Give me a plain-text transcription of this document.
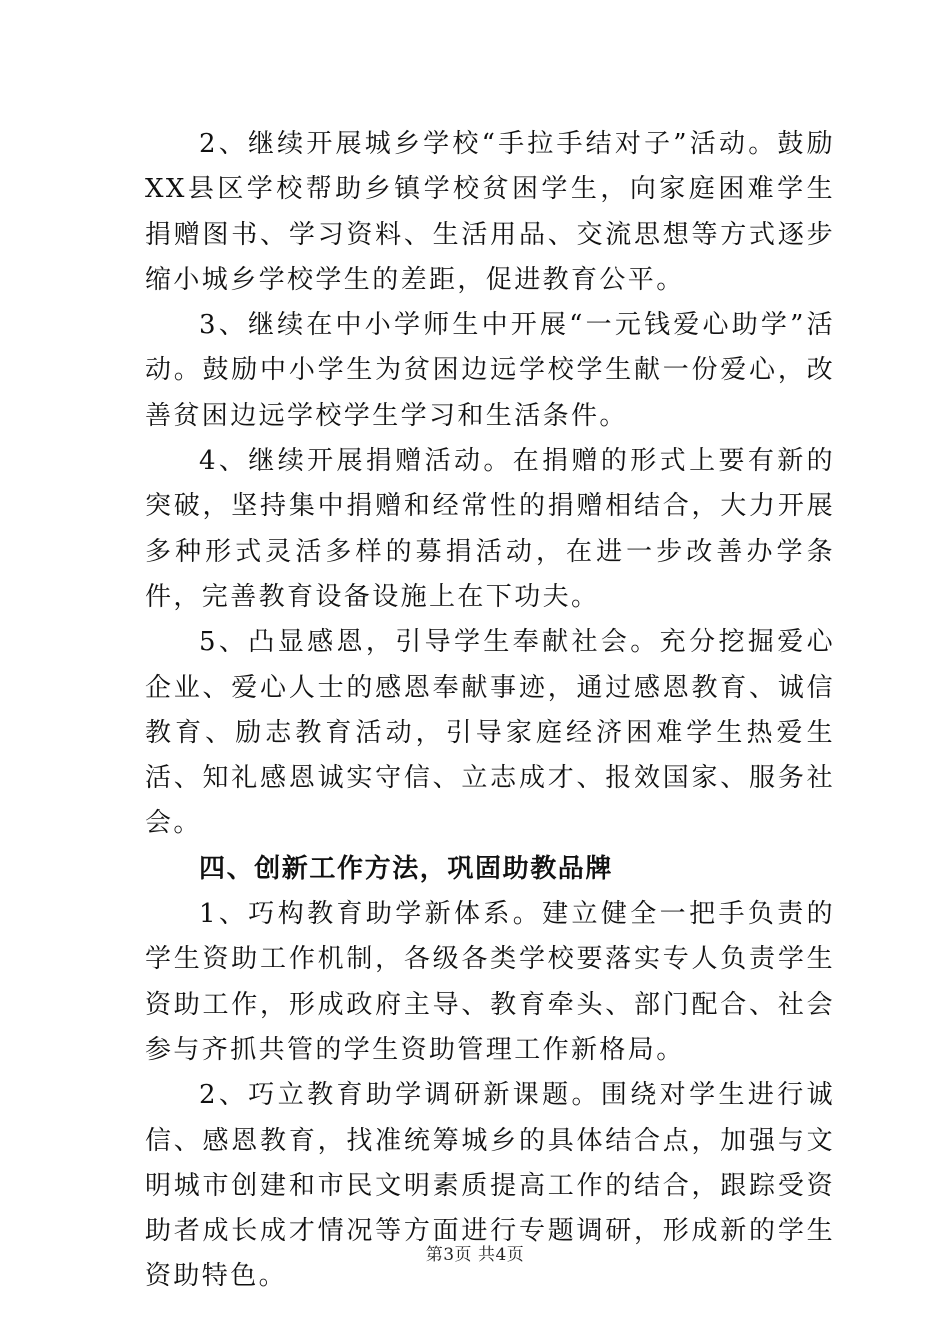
2、继续开展城乡学校“手拉手结对子”活动。鼓励XX县区学校帮助乡镇学校贫困学生，向家庭困难学生捐赠图书、学习资料、生活用品、交流思想等方式逐步缩小城乡学校学生的差距，促进教育公平。

3、继续在中小学师生中开展“一元钱爱心助学”活动。鼓励中小学生为贫困边远学校学生献一份爱心，改善贫困边远学校学生学习和生活条件。

4、继续开展捐赠活动。在捐赠的形式上要有新的突破，坚持集中捐赠和经常性的捐赠相结合，大力开展多种形式灵活多样的募捐活动，在进一步改善办学条件，完善教育设备设施上在下功夫。

5、凸显感恩，引导学生奉献社会。充分挖掘爱心企业、爱心人士的感恩奉献事迹，通过感恩教育、诚信教育、励志教育活动，引导家庭经济困难学生热爱生活、知礼感恩诚实守信、立志成才、报效国家、服务社会。

四、创新工作方法，巩固助教品牌

1、巧构教育助学新体系。建立健全一把手负责的学生资助工作机制，各级各类学校要落实专人负责学生资助工作，形成政府主导、教育牵头、部门配合、社会参与齐抓共管的学生资助管理工作新格局。

2、巧立教育助学调研新课题。围绕对学生进行诚信、感恩教育，找准统筹城乡的具体结合点，加强与文明城市创建和市民文明素质提高工作的结合，跟踪受资助者成长成才情况等方面进行专题调研，形成新的学生资助特色。

第3页 共4页
